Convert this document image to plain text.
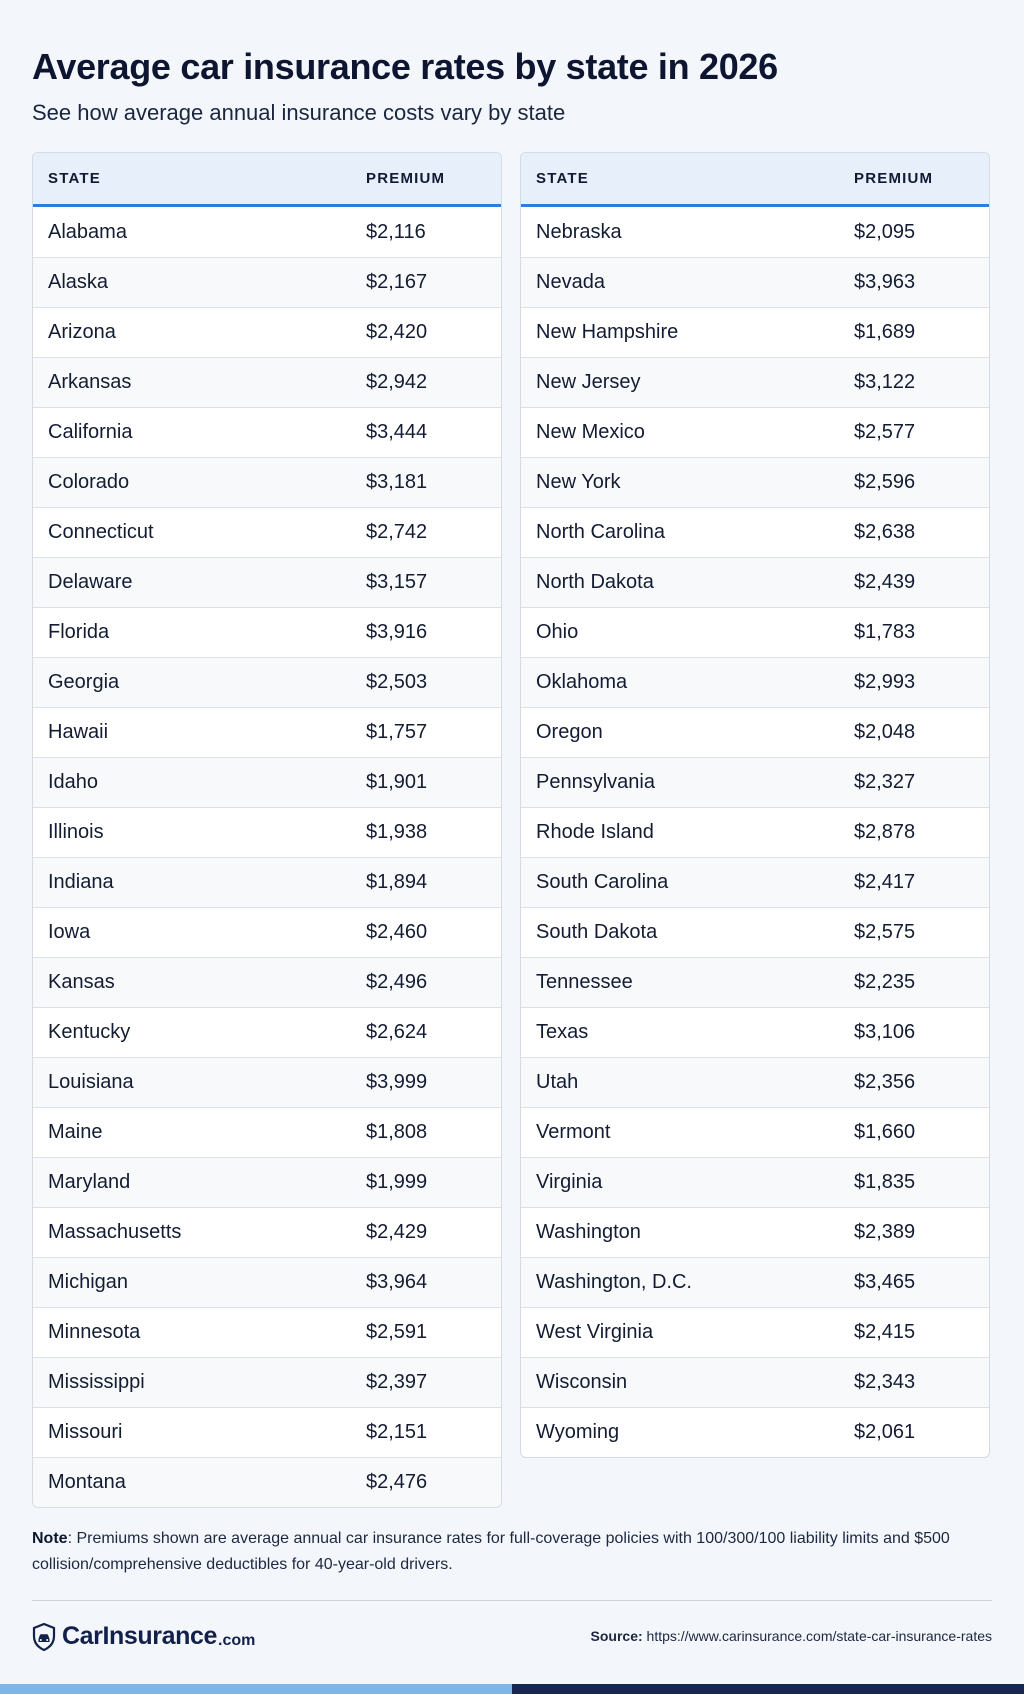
Average car insurance rates by state in 2026

See how average annual insurance costs vary by state

STATE	PREMIUM
Alabama	$2,116
Alaska	$2,167
Arizona	$2,420
Arkansas	$2,942
California	$3,444
Colorado	$3,181
Connecticut	$2,742
Delaware	$3,157
Florida	$3,916
Georgia	$2,503
Hawaii	$1,757
Idaho	$1,901
Illinois	$1,938
Indiana	$1,894
Iowa	$2,460
Kansas	$2,496
Kentucky	$2,624
Louisiana	$3,999
Maine	$1,808
Maryland	$1,999
Massachusetts	$2,429
Michigan	$3,964
Minnesota	$2,591
Mississippi	$2,397
Missouri	$2,151
Montana	$2,476
STATE	PREMIUM
Nebraska	$2,095
Nevada	$3,963
New Hampshire	$1,689
New Jersey	$3,122
New Mexico	$2,577
New York	$2,596
North Carolina	$2,638
North Dakota	$2,439
Ohio	$1,783
Oklahoma	$2,993
Oregon	$2,048
Pennsylvania	$2,327
Rhode Island	$2,878
South Carolina	$2,417
South Dakota	$2,575
Tennessee	$2,235
Texas	$3,106
Utah	$2,356
Vermont	$1,660
Virginia	$1,835
Washington	$2,389
Washington, D.C.	$3,465
West Virginia	$2,415
Wisconsin	$2,343
Wyoming	$2,061

Note: Premiums shown are average annual car insurance rates for full-coverage policies with 100/300/100 liability limits and $500 collision/comprehensive deductibles for 40-year-old drivers.

CarInsurance .com	Source: https://www.carinsurance.com/state-car-insurance-rates
